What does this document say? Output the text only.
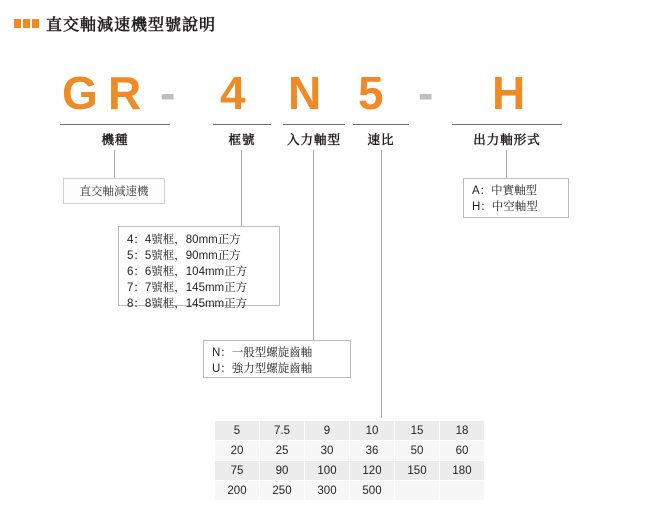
直交軸減速機型號說明
G R - 4 N 5 - H
機種	框號	入力軸型	速比	出力軸形式
直交軸減速機	A：中實軸型
H：中空軸型
4：4號框，80mm正方
5：5號框，90mm正方
6：6號框，104mm正方
7：7號框，145mm正方
8：8號框，145mm正方
N：一般型螺旋齒軸
U：強力型螺旋齒軸
5	7.5	9	10	15	18
20	25	30	36	50	60
75	90	100	120	150	180
200	250	300	500		
